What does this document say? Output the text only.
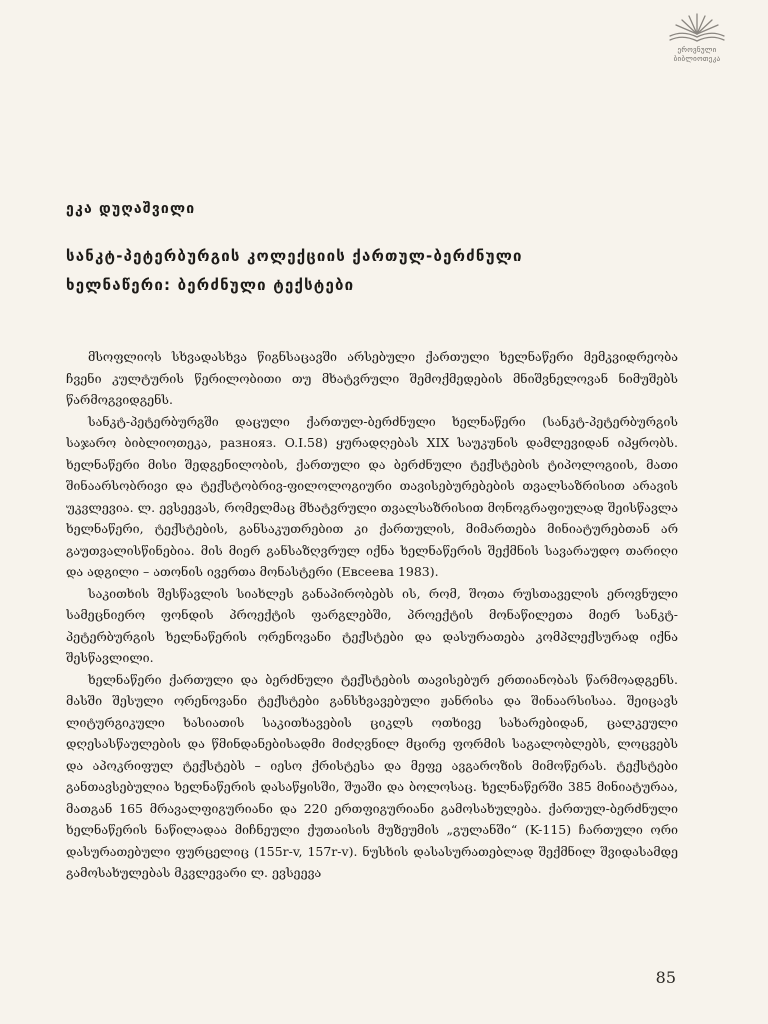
ეროვნული
ბიბლიოთეკა
ეკა დუღაშვილი
სანკტ-პეტერბურგის კოლექციის ქართულ-ბერძნული
ხელნაწერი: ბერძნული ტექსტები

მსოფლიოს სხვადასხვა წიგნსაცავში არსებული ქართული ხელნაწერი მემკვიდრეობა ჩვენი კულტურის წერილობითი თუ მხატვრული შემოქმედების მნიშვნელოვან ნიმუშებს წარმოგვიდგენს.

სანკტ-პეტერბურგში დაცული ქართულ-ბერძნული ხელნაწერი (სანკტ-პეტერბურგის საჯარო ბიბლიოთეკა, разнояз. O.I.58) ყურადღებას XIX საუკუნის დამლევიდან იპყრობს. ხელნაწერი მისი შედგენილობის, ქართული და ბერძნული ტექსტების ტიპოლოგიის, მათი შინაარსობრივი და ტექსტობრივ-ფილოლოგიური თავისებურებების თვალსაზრისით არავის უკვლევია. ლ. ევსეევას, რომელმაც მხატვრული თვალსაზრისით მონოგრაფიულად შეისწავლა ხელნაწერი, ტექსტების, განსაკუთრებით კი ქართულის, მიმართება მინიატურებთან არ გაუთვალისწინებია. მის მიერ განსაზღვრულ იქნა ხელნაწერის შექმნის სავარაუდო თარიღი და ადგილი – ათონის ივერთა მონასტერი (Евсеева 1983).

საკითხის შესწავლის სიახლეს განაპირობებს ის, რომ, შოთა რუსთაველის ეროვნული სამეცნიერო ფონდის პროექტის ფარგლებში, პროექტის მონაწილეთა მიერ სანკტ-პეტერბურგის ხელნაწერის ორენოვანი ტექსტები და დასურათება კომპლექსურად იქნა შესწავლილი.

ხელნაწერი ქართული და ბერძნული ტექსტების თავისებურ ერთიანობას წარმოადგენს. მასში შესული ორენოვანი ტექსტები განსხვავებული ჟანრისა და შინაარსისაა. შეიცავს ლიტურგიკული ხასიათის საკითხავების ციკლს ოთხივე სახარებიდან, ცალკეული დღესასწაულების და წმინდანებისადმი მიძღვნილ მცირე ფორმის საგალობლებს, ლოცვებს და აპოკრიფულ ტექსტებს – იესო ქრისტესა და მეფე ავგაროზის მიმოწერას. ტექსტები განთავსებულია ხელნაწერის დასაწყისში, შუაში და ბოლოსაც. ხელნაწერში 385 მინიატურაა, მათგან 165 მრავალფიგურიანი და 220 ერთფიგურიანი გამოსახულება. ქართულ-ბერძნული ხელნაწერის ნაწილადაა მიჩნეული ქუთაისის მუზეუმის „გულანში“ (K-115) ჩართული ორი დასურათებული ფურცელიც (155r-v, 157r-v). ნუსხის დასასურათებლად შექმნილ შვიდასამდე გამოსახულებას მკვლევარი ლ. ევსეევა

85
